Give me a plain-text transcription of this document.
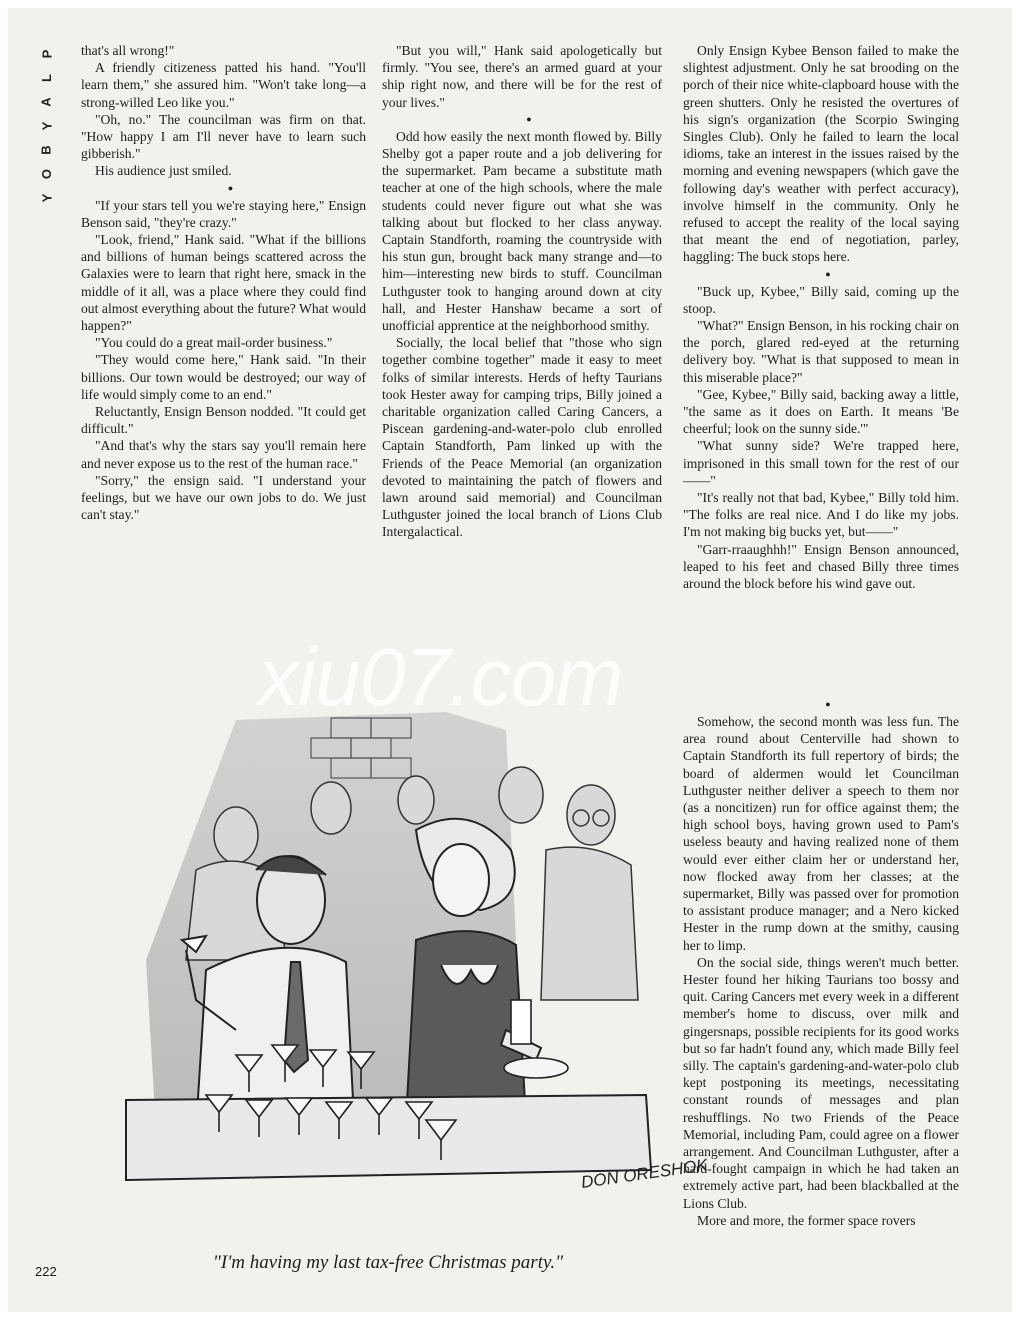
P
L
A
Y
B
O
Y

that's all wrong!"

A friendly citizeness patted his hand. "You'll learn them," she assured him. "Won't take long—a strong-willed Leo like you."

"Oh, no." The councilman was firm on that. "How happy I am I'll never have to learn such gibberish."

His audience just smiled.

●

"If your stars tell you we're staying here," Ensign Benson said, "they're crazy."

"Look, friend," Hank said. "What if the billions and billions of human beings scattered across the Galaxies were to learn that right here, smack in the middle of it all, was a place where they could find out almost everything about the future? What would happen?"

"You could do a great mail-order business."

"They would come here," Hank said. "In their billions. Our town would be destroyed; our way of life would simply come to an end."

Reluctantly, Ensign Benson nodded. "It could get difficult."

"And that's why the stars say you'll remain here and never expose us to the rest of the human race."

"Sorry," the ensign said. "I understand your feelings, but we have our own jobs to do. We just can't stay."

"But you will," Hank said apologetically but firmly. "You see, there's an armed guard at your ship right now, and there will be for the rest of your lives."

●

Odd how easily the next month flowed by. Billy Shelby got a paper route and a job delivering for the supermarket. Pam became a substitute math teacher at one of the high schools, where the male students could never figure out what she was talking about but flocked to her class anyway. Captain Standforth, roaming the countryside with his stun gun, brought back many strange and—to him—interesting new birds to stuff. Councilman Luthguster took to hanging around down at city hall, and Hester Hanshaw became a sort of unofficial apprentice at the neighborhood smithy.

Socially, the local belief that "those who sign together combine together" made it easy to meet folks of similar interests. Herds of hefty Taurians took Hester away for camping trips, Billy joined a charitable organization called Caring Cancers, a Piscean gardening-and-water-polo club enrolled Captain Standforth, Pam linked up with the Friends of the Peace Memorial (an organization devoted to maintaining the patch of flowers and lawn around said memorial) and Councilman Luthguster joined the local branch of Lions Club Intergalactical.

Only Ensign Kybee Benson failed to make the slightest adjustment. Only he sat brooding on the porch of their nice white-clapboard house with the green shutters. Only he resisted the overtures of his sign's organization (the Scorpio Swinging Singles Club). Only he failed to learn the local idioms, take an interest in the issues raised by the morning and evening newspapers (which gave the following day's weather with perfect accuracy), involve himself in the community. Only he refused to accept the reality of the local saying that meant the end of negotiation, parley, haggling: The buck stops here.

●

"Buck up, Kybee," Billy said, coming up the stoop.

"What?" Ensign Benson, in his rocking chair on the porch, glared red-eyed at the returning delivery boy. "What is that supposed to mean in this miserable place?"

"Gee, Kybee," Billy said, backing away a little, "the same as it does on Earth. It means 'Be cheerful; look on the sunny side.'"

"What sunny side? We're trapped here, imprisoned in this small town for the rest of our——"

"It's really not that bad, Kybee," Billy told him. "The folks are real nice. And I do like my jobs. I'm not making big bucks yet, but——"

"Garr-rraaughhh!" Ensign Benson announced, leaped to his feet and chased Billy three times around the block before his wind gave out.

●

Somehow, the second month was less fun. The area round about Centerville had shown to Captain Standforth its full repertory of birds; the board of aldermen would let Councilman Luthguster neither deliver a speech to them nor (as a noncitizen) run for office against them; the high school boys, having grown used to Pam's useless beauty and having realized none of them would ever either claim her or understand her, now flocked away from her classes; at the supermarket, Billy was passed over for promotion to assistant produce manager; and a Nero kicked Hester in the rump down at the smithy, causing her to limp.

On the social side, things weren't much better. Hester found her hiking Taurians too bossy and quit. Caring Cancers met every week in a different member's home to discuss, over milk and gingersnaps, possible recipients for its good works but so far hadn't found any, which made Billy feel silly. The captain's gardening-and-water-polo club kept postponing its meetings, necessitating constant rounds of messages and plan reshufflings. No two Friends of the Peace Memorial, including Pam, could agree on a flower arrangement. And Councilman Luthguster, after a hard-fought campaign in which he had taken an extremely active part, had been blackballed at the Lions Club.

More and more, the former space rovers

DON ORESHOK
xiu07.com
"I'm having my last tax-free Christmas party."
222
